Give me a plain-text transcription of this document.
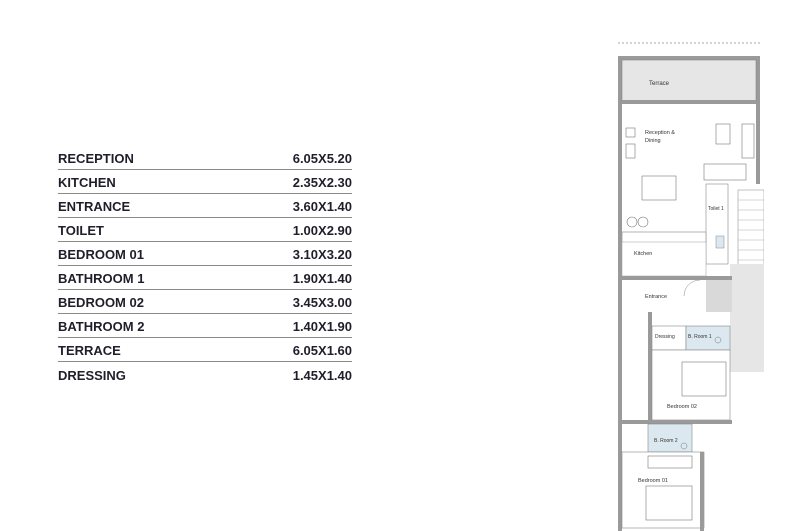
RECEPTION	6.05X5.20
KITCHEN	2.35X2.30
ENTRANCE	3.60X1.40
TOILET	1.00X2.90
BEDROOM 01	3.10X3.20
BATHROOM 1	1.90X1.40
BEDROOM 02	3.45X3.00
BATHROOM 2	1.40X1.90
TERRACE	6.05X1.60
DRESSING	1.45X1.40
Terrace
Reception &
Dining
Toilet 1
Kitchen
Entrance
Dressing	B. Room 1
Bedroom 02
B. Room 2
Bedroom 01
